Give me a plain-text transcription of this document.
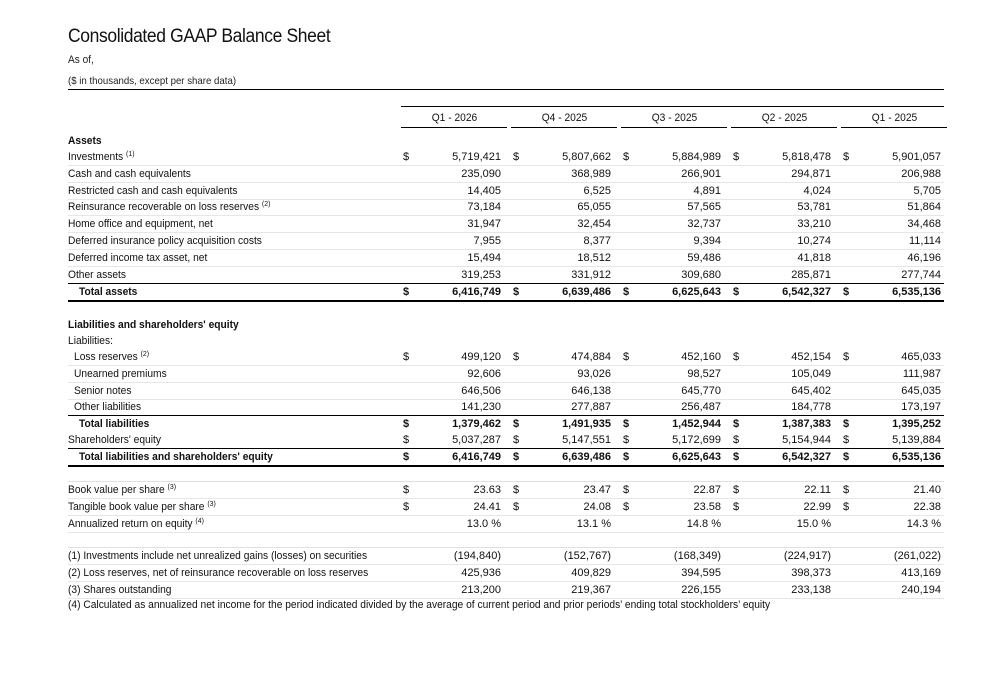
Consolidated GAAP Balance Sheet
As of,
($ in thousands, except per share data)
Q1 - 2026	Q4 - 2025	Q3 - 2025	Q2 - 2025	Q1 - 2025
Assets
Investments $^{(1)}$	$	5,719,421 $	5,807,662 $	5,884,989 $	5,818,478 $	5,901,057
Cash and cash equivalents	235,090	368,989	266,901	294,871	206,988
Restricted cash and cash equivalents	14,405	6,525	4,891	4,024	5,705
Reinsurance recoverable on loss reserves $^{(2)}$	73,184	65,055	57,565	53,781	51,864
Home office and equipment, net	31,947	32,454	32,737	33,210	34,468
Deferred insurance policy acquisition costs	7,955	8,377	9,394	10,274	11,114
Deferred income tax asset, net	15,494	18,512	59,486	41,818	46,196
Other assets	319,253	331,912	309,680	285,871	277,744
Total assets	$	6,416,749 $	6,639,486 $	6,625,643 $	6,542,327 $	6,535,136
Liabilities and shareholders' equity
Liabilities:
Loss reserves $^{(2)}$	$	499,120 $	474,884 $	452,160 $	452,154 $	465,033
Unearned premiums	92,606	93,026	98,527	105,049	111,987
Senior notes	646,506	646,138	645,770	645,402	645,035
Other liabilities	141,230	277,887	256,487	184,778	173,197
Total liabilities	$	1,379,462 $	1,491,935 $	1,452,944 $	1,387,383 $	1,395,252
Shareholders' equity	$	5,037,287 $	5,147,551 $	5,172,699 $	5,154,944 $	5,139,884
Total liabilities and shareholders' equity	$	6,416,749 $	6,639,486 $	6,625,643 $	6,542,327 $	6,535,136
Book value per share $^{(3)}$	$	23.63 $	23.47 $	22.87 $	22.11 $	21.40
Tangible book value per share $^{(3)}$	$	24.41 $	24.08 $	23.58 $	22.99 $	22.38
Annualized return on equity $^{(4)}$	13.0 %	13.1 %	14.8 %	15.0 %	14.3 %
(1) Investments include net unrealized gains (losses) on securities	(194,840)	(152,767)	(168,349)	(224,917)	(261,022)
(2) Loss reserves, net of reinsurance recoverable on loss reserves	425,936	409,829	394,595	398,373	413,169
(3) Shares outstanding	213,200	219,367	226,155	233,138	240,194
(4) Calculated as annualized net income for the period indicated divided by the average of current period and prior periods’ ending total stockholders’ equity
